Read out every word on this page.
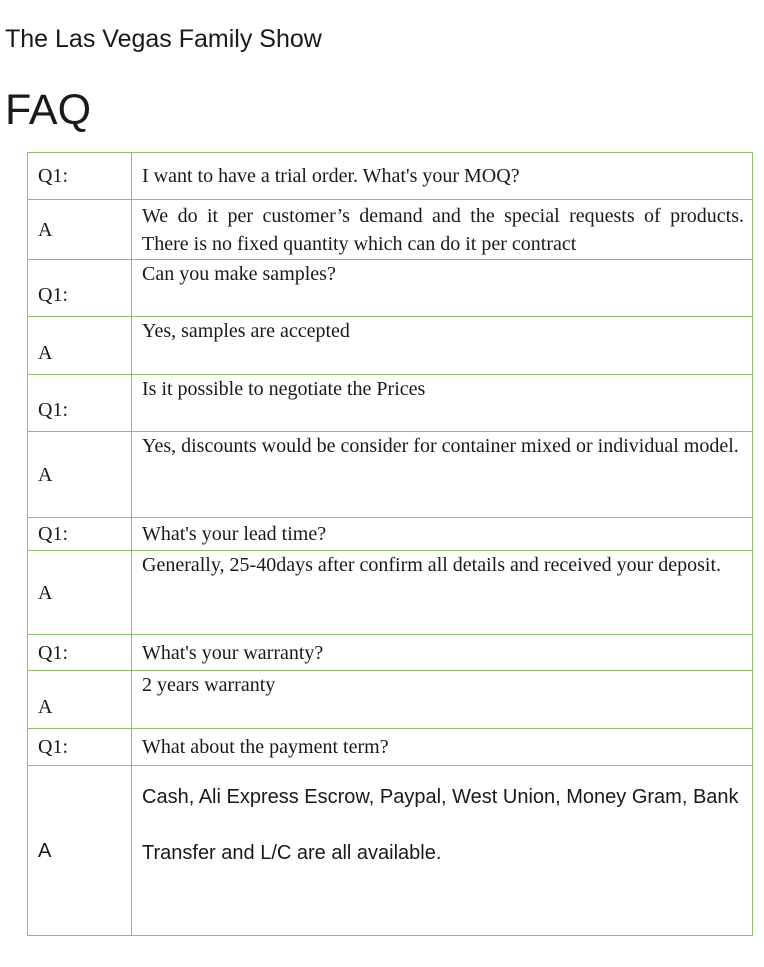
The Las Vegas Family Show
FAQ
Q1:	I want to have a trial order. What's your MOQ?
A	We do it per customer’s demand and the special requests of products. There is no fixed quantity which can do it per contract
Q1:	Can you make samples?
A	Yes, samples are accepted
Q1:	Is it possible to negotiate the Prices
A	Yes, discounts would be consider for container mixed or individual model.
Q1:	What's your lead time?
A	Generally, 25-40days after confirm all details and received your deposit.
Q1:	What's your warranty?
A	2 years warranty
Q1:	What about the payment term?
A	Cash, Ali Express Escrow, Paypal, West Union, Money Gram, Bank
Transfer and L/C are all available.
